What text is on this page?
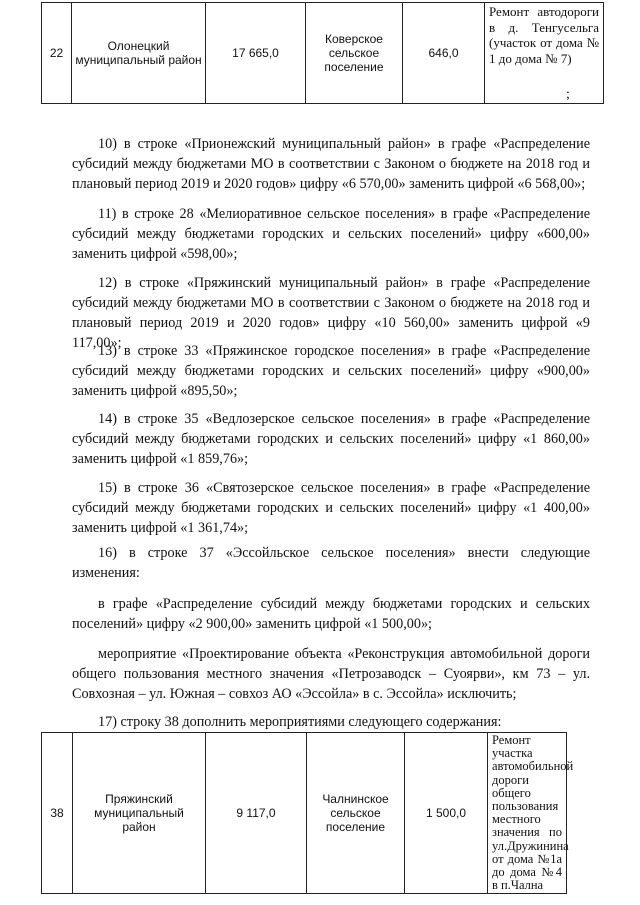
22	Олонецкий муниципальный район	17 665,0	Коверское сельское поселение	646,0	Ремонт автодороги в д. Тенгусельга (участок от дома № 1 до дома № 7)
;

10) в строке «Прионежский муниципальный район» в графе «Распределение субсидий между бюджетами МО в соответствии с Законом о бюджете на 2018 год и плановый период 2019 и 2020 годов» цифру «6 570,00» заменить цифрой «6 568,00»;

11) в строке 28 «Мелиоративное сельское поселения» в графе «Распределение субсидий между бюджетами городских и сельских поселений» цифру «600,00» заменить цифрой «598,00»;

12) в строке «Пряжинский муниципальный район» в графе «Распределение субсидий между бюджетами МО в соответствии с Законом о бюджете на 2018 год и плановый период 2019 и 2020 годов» цифру «10 560,00» заменить цифрой «9 117,00»;

13) в строке 33 «Пряжинское городское поселения» в графе «Распределение субсидий между бюджетами городских и сельских поселений» цифру «900,00» заменить цифрой «895,50»;

14) в строке 35 «Ведлозерское сельское поселения» в графе «Распределение субсидий между бюджетами городских и сельских поселений» цифру «1 860,00» заменить цифрой «1 859,76»;

15) в строке 36 «Святозерское сельское поселения» в графе «Распределение субсидий между бюджетами городских и сельских поселений» цифру «1 400,00» заменить цифрой «1 361,74»;

16) в строке 37 «Эссойльское сельское поселения» внести следующие изменения:

в графе «Распределение субсидий между бюджетами городских и сельских поселений» цифру «2 900,00» заменить цифрой «1 500,00»;

мероприятие «Проектирование объекта «Реконструкция автомобильной дороги общего пользования местного значения «Петрозаводск – Суоярви», км 73 – ул. Совхозная – ул. Южная – совхоз АО «Эссойла» в с. Эссойла» исключить;

17) строку 38 дополнить мероприятиями следующего содержания:

38	Пряжинский муниципальный район	9 117,0	Чалнинское сельское поселение	1 500,0	Ремонт участка автомобильной дороги общего пользования местного значения по ул.Дружинина от дома №1а до дома №4 в п.Чална
